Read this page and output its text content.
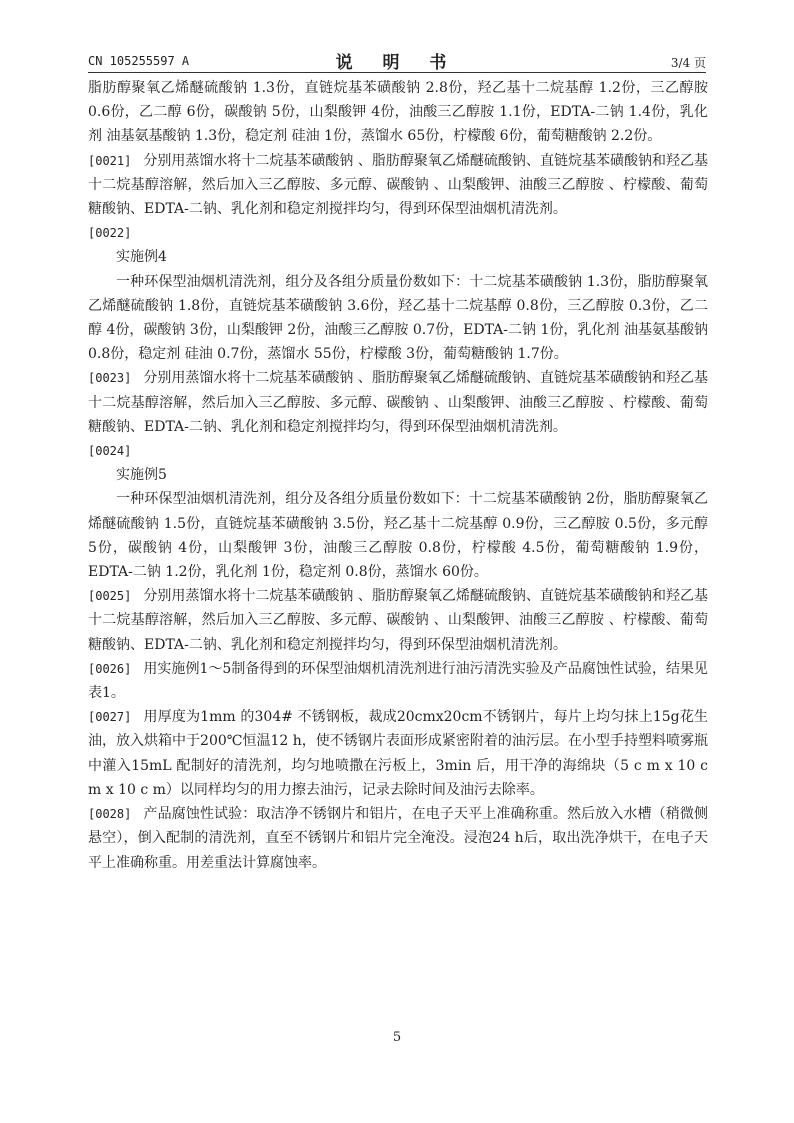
CN 105255597 A	说 明 书	3/4 页

脂肪醇聚氧乙烯醚硫酸钠 1.3份，直链烷基苯磺酸钠 2.8份，羟乙基十二烷基醇 1.2份，三乙醇胺 0.6份，乙二醇 6份，碳酸钠 5份，山梨酸钾 4份，油酸三乙醇胺 1.1份，EDTA-二钠 1.4份，乳化剂 油基氨基酸钠 1.3份，稳定剂 硅油 1份，蒸馏水 65份，柠檬酸 6份，葡萄糖酸钠 2.2份。

[0021] 分别用蒸馏水将十二烷基苯磺酸钠 、脂肪醇聚氧乙烯醚硫酸钠、直链烷基苯磺酸钠和羟乙基十二烷基醇溶解，然后加入三乙醇胺、多元醇、碳酸钠 、山梨酸钾、油酸三乙醇胺 、柠檬酸、葡萄糖酸钠、EDTA-二钠、乳化剂和稳定剂搅拌均匀，得到环保型油烟机清洗剂。

[0022]

实施例4

一种环保型油烟机清洗剂，组分及各组分质量份数如下：十二烷基苯磺酸钠 1.3份，脂肪醇聚氧乙烯醚硫酸钠 1.8份，直链烷基苯磺酸钠 3.6份，羟乙基十二烷基醇 0.8份，三乙醇胺 0.3份，乙二醇 4份，碳酸钠 3份，山梨酸钾 2份，油酸三乙醇胺 0.7份，EDTA-二钠 1份，乳化剂 油基氨基酸钠 0.8份，稳定剂 硅油 0.7份，蒸馏水 55份，柠檬酸 3份，葡萄糖酸钠 1.7份。

[0023] 分别用蒸馏水将十二烷基苯磺酸钠 、脂肪醇聚氧乙烯醚硫酸钠、直链烷基苯磺酸钠和羟乙基十二烷基醇溶解，然后加入三乙醇胺、多元醇、碳酸钠 、山梨酸钾、油酸三乙醇胺 、柠檬酸、葡萄糖酸钠、EDTA-二钠、乳化剂和稳定剂搅拌均匀，得到环保型油烟机清洗剂。

[0024]

实施例5

一种环保型油烟机清洗剂，组分及各组分质量份数如下：十二烷基苯磺酸钠 2份，脂肪醇聚氧乙烯醚硫酸钠 1.5份，直链烷基苯磺酸钠 3.5份，羟乙基十二烷基醇 0.9份，三乙醇胺 0.5份，多元醇 5份，碳酸钠 4份，山梨酸钾 3份，油酸三乙醇胺 0.8份，柠檬酸 4.5份，葡萄糖酸钠 1.9份，EDTA-二钠 1.2份，乳化剂 1份，稳定剂 0.8份，蒸馏水 60份。

[0025] 分别用蒸馏水将十二烷基苯磺酸钠 、脂肪醇聚氧乙烯醚硫酸钠、直链烷基苯磺酸钠和羟乙基十二烷基醇溶解，然后加入三乙醇胺、多元醇、碳酸钠 、山梨酸钾、油酸三乙醇胺 、柠檬酸、葡萄糖酸钠、EDTA-二钠、乳化剂和稳定剂搅拌均匀，得到环保型油烟机清洗剂。

[0026] 用实施例1～5制备得到的环保型油烟机清洗剂进行油污清洗实验及产品腐蚀性试验，结果见表1。

[0027] 用厚度为1mm 的304# 不锈钢板，裁成20cmx20cm不锈钢片，每片上均匀抹上15g花生油，放入烘箱中于200℃恒温12 h，使不锈钢片表面形成紧密附着的油污层。在小型手持塑料喷雾瓶中灌入15mL 配制好的清洗剂，均匀地喷撒在污板上，3min 后，用干净的海绵块（5 c m x 10 c m x 10 c m）以同样均匀的用力擦去油污，记录去除时间及油污去除率。

[0028] 产品腐蚀性试验：取洁净不锈钢片和铝片，在电子天平上准确称重。然后放入水槽（稍微侧悬空），倒入配制的清洗剂，直至不锈钢片和铝片完全淹没。浸泡24 h后，取出洗净烘干，在电子天平上准确称重。用差重法计算腐蚀率。

5
